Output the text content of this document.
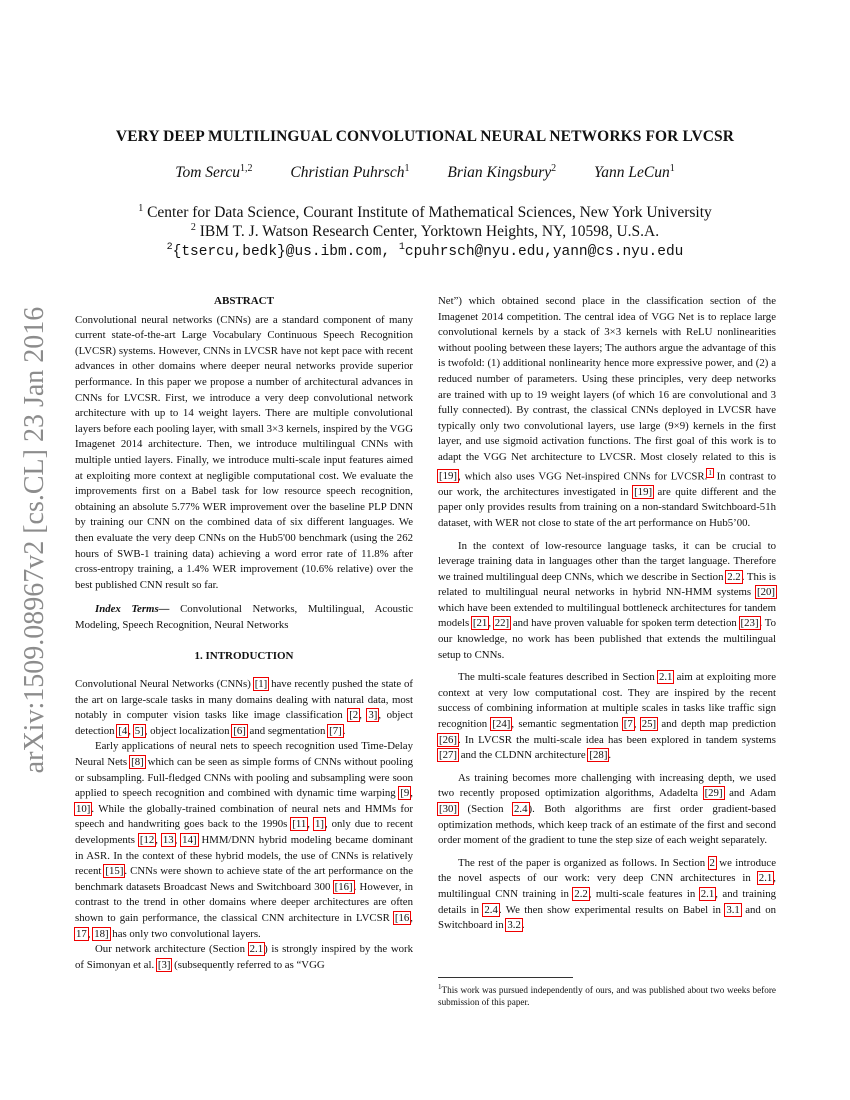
arXiv:1509.08967v2 [cs.CL] 23 Jan 2016
VERY DEEP MULTILINGUAL CONVOLUTIONAL NEURAL NETWORKS FOR LVCSR
Tom Sercu$^{1,2}$ Christian Puhrsch$^1$ Brian Kingsbury$^2$ Yann LeCun$^1$
$^1$ Center for Data Science, Courant Institute of Mathematical Sciences, New York University
$^2$ IBM T. J. Watson Research Center, Yorktown Heights, NY, 10598, U.S.A.
$^2${tsercu,bedk}@us.ibm.com, $^1$cpuhrsch@nyu.edu,yann@cs.nyu.edu

ABSTRACT

Convolutional neural networks (CNNs) are a standard component of many current state-of-the-art Large Vocabulary Continuous Speech Recognition (LVCSR) systems. However, CNNs in LVCSR have not kept pace with recent advances in other domains where deeper neural networks provide superior performance. In this paper we propose a number of architectural advances in CNNs for LVCSR. First, we introduce a very deep convolutional network architecture with up to 14 weight layers. There are multiple convolutional layers before each pooling layer, with small 3×3 kernels, inspired by the VGG Imagenet 2014 architecture. Then, we introduce multilingual CNNs with multiple untied layers. Finally, we introduce multi-scale input features aimed at exploiting more context at negligible computational cost. We evaluate the improvements first on a Babel task for low resource speech recognition, obtaining an absolute 5.77% WER improvement over the baseline PLP DNN by training our CNN on the combined data of six different languages. We then evaluate the very deep CNNs on the Hub5'00 benchmark (using the 262 hours of SWB-1 training data) achieving a word error rate of 11.8% after cross-entropy training, a 1.4% WER improvement (10.6% relative) over the best published CNN result so far.

Index Terms— Convolutional Networks, Multilingual, Acoustic Modeling, Speech Recognition, Neural Networks

1. INTRODUCTION

Convolutional Neural Networks (CNNs) [1] have recently pushed the state of the art on large-scale tasks in many domains dealing with natural data, most notably in computer vision tasks like image classification [2, 3], object detection [4, 5], object localization [6] and segmentation [7].

Early applications of neural nets to speech recognition used Time-Delay Neural Nets [8] which can be seen as simple forms of CNNs without pooling or subsampling. Full-fledged CNNs with pooling and subsampling were soon applied to speech recognition and combined with dynamic time warping [9, 10]. While the globally-trained combination of neural nets and HMMs for speech and handwriting goes back to the 1990s [11, 1], only due to recent developments [12, 13, 14] HMM/DNN hybrid modeling became dominant in ASR. In the context of these hybrid models, the use of CNNs is relatively recent [15]. CNNs were shown to achieve state of the art performance on the benchmark datasets Broadcast News and Switchboard 300 [16]. However, in contrast to the trend in other domains where deeper architectures are often shown to gain performance, the classical CNN architecture in LVCSR [16, 17, 18] has only two convolutional layers.

Our network architecture (Section 2.1) is strongly inspired by the work of Simonyan et al. [3] (subsequently referred to as “VGG

Net”) which obtained second place in the classification section of the Imagenet 2014 competition. The central idea of VGG Net is to replace large convolutional kernels by a stack of 3×3 kernels with ReLU nonlinearities without pooling between these layers; The authors argue the advantage of this is twofold: (1) additional nonlinearity hence more expressive power, and (2) a reduced number of parameters. Using these principles, very deep networks are trained with up to 19 weight layers (of which 16 are convolutional and 3 fully connected). By contrast, the classical CNNs deployed in LVCSR have typically only two convolutional layers, use large (9×9) kernels in the first layer, and use sigmoid activation functions. The first goal of this work is to adapt the VGG Net architecture to LVCSR. Most closely related to this is [19], which also uses VGG Net-inspired CNNs for LVCSR.$^1$ In contrast to our work, the architectures investigated in [19] are quite different and the paper only provides results from training on a non-standard Switchboard-51h dataset, with WER not close to state of the art performance on Hub5’00.

In the context of low-resource language tasks, it can be crucial to leverage training data in languages other than the target language. Therefore we trained multilingual deep CNNs, which we describe in Section 2.2. This is related to multilingual neural networks in hybrid NN-HMM systems [20] which have been extended to multilingual bottleneck architectures for tandem models [21, 22] and have proven valuable for spoken term detection [23]. To our knowledge, no work has been published that extends the multilingual setup to CNNs.

The multi-scale features described in Section 2.1 aim at exploiting more context at very low computational cost. They are inspired by the recent success of combining information at multiple scales in tasks like traffic sign recognition [24], semantic segmentation [7, 25] and depth map prediction [26]. In LVCSR the multi-scale idea has been explored in tandem systems [27] and the CLDNN architecture [28].

As training becomes more challenging with increasing depth, we used two recently proposed optimization algorithms, Adadelta [29] and Adam [30] (Section 2.4). Both algorithms are first order gradient-based optimization methods, which keep track of an estimate of the first and second order moment of the gradient to tune the step size of each weight separately.

The rest of the paper is organized as follows. In Section 2 we introduce the novel aspects of our work: very deep CNN architectures in 2.1, multilingual CNN training in 2.2, multi-scale features in 2.1, and training details in 2.4. We then show experimental results on Babel in 3.1 and on Switchboard in 3.2.

$^1$This work was pursued independently of ours, and was published about two weeks before submission of this paper.
